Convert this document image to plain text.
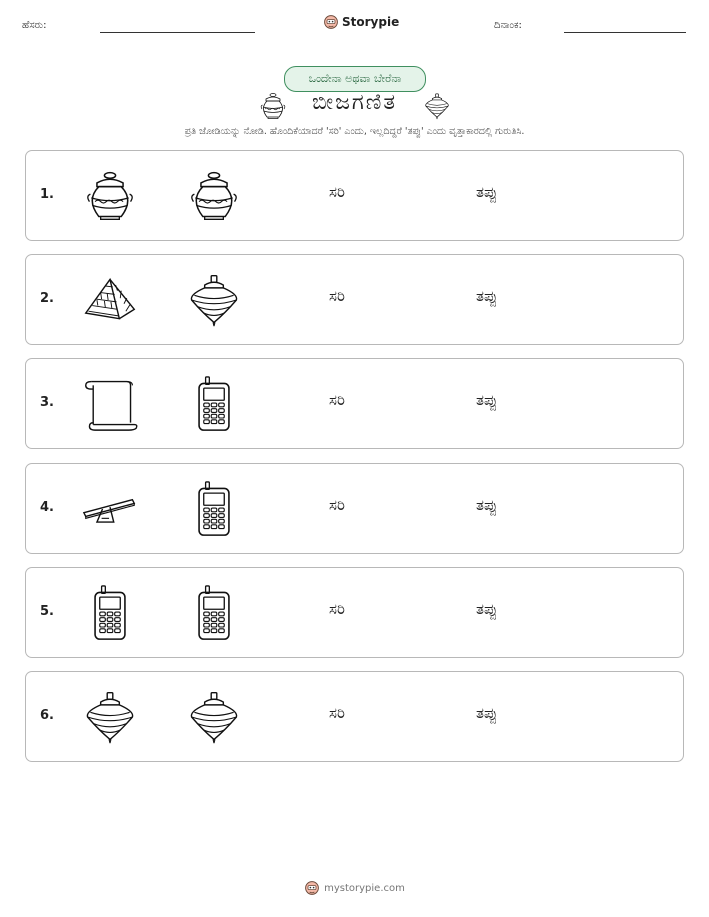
ಹೆಸರು:	Storypie	ದಿನಾಂಕ:
ಒಂದೇನಾ ಅಥವಾ ಬೇರೆನಾ
ಬೀಜಗಣಿತ
ಪ್ರತಿ ಜೋಡಿಯನ್ನು ನೋಡಿ. ಹೊಂದಿಕೆಯಾದರೆ 'ಸರಿ' ಎಂದು, ಇಲ್ಲದಿದ್ದರೆ 'ತಪ್ಪು' ಎಂದು ವೃತ್ತಾಕಾರದಲ್ಲಿ ಗುರುತಿಸಿ.
1.	ಸರಿ	ತಪ್ಪು
2.	ಸರಿ	ತಪ್ಪು
3.	ಸರಿ	ತಪ್ಪು
4.	ಸರಿ	ತಪ್ಪು
5.	ಸರಿ	ತಪ್ಪು
6.	ಸರಿ	ತಪ್ಪು
mystorypie.com
